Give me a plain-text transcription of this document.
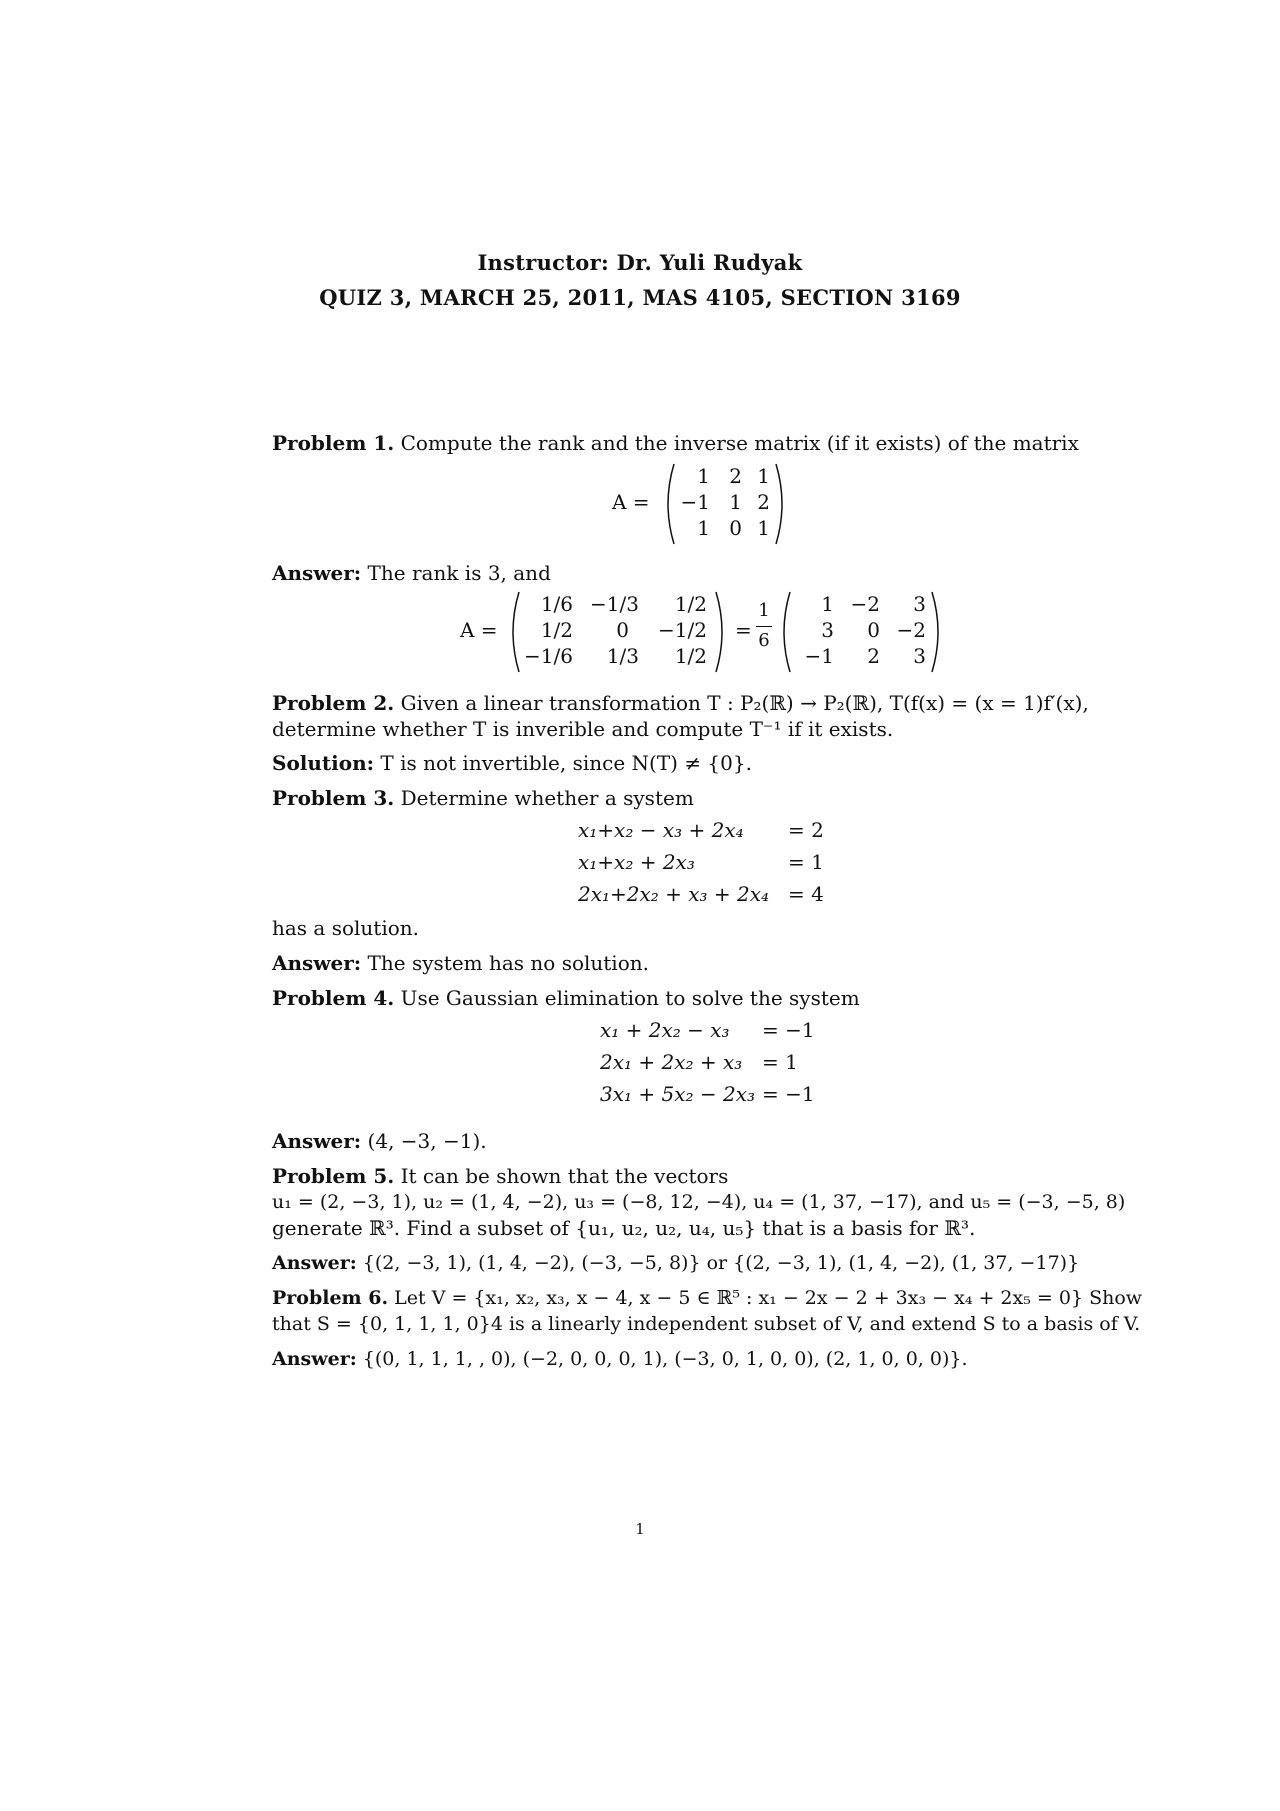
Instructor: Dr. Yuli Rudyak
QUIZ 3, MARCH 25, 2011, MAS 4105, SECTION 3169
Problem 1. Compute the rank and the inverse matrix (if it exists) of the matrix
A =
1 2 1
−1 1 2
1 0 1
Answer: The rank is 3, and
A =
1/6 −1/3	1/2
1/2	0	−1/2
−1/6	1/3	1/2
=
1
6
1 −2	3
3	0 −2
−1	2	3
Problem 2. Given a linear transformation T : P₂(ℝ) → P₂(ℝ), T(f(x) = (x = 1)f′(x),
determine whether T is inverible and compute T⁻¹ if it exists.
Solution: T is not invertible, since N(T) ≠ {0}.
Problem 3. Determine whether a system
x₁+x₂ − x₃ + 2x₄ = 2
x₁+x₂ + 2x₃	= 1
2x₁+2x₂ + x₃ + 2x₄ = 4
has a solution.
Answer: The system has no solution.
Problem 4. Use Gaussian elimination to solve the system
x₁ + 2x₂ − x₃ = −1
2x₁ + 2x₂ + x₃ = 1
3x₁ + 5x₂ − 2x₃ = −1
Answer: (4, −3, −1).
Problem 5. It can be shown that the vectors
u₁ = (2, −3, 1), u₂ = (1, 4, −2), u₃ = (−8, 12, −4), u₄ = (1, 37, −17), and u₅ = (−3, −5, 8)
generate ℝ³. Find a subset of {u₁, u₂, u₂, u₄, u₅} that is a basis for ℝ³.
Answer: {(2, −3, 1), (1, 4, −2), (−3, −5, 8)} or {(2, −3, 1), (1, 4, −2), (1, 37, −17)}
Problem 6. Let V = {x₁, x₂, x₃, x − 4, x − 5 ∈ ℝ⁵ : x₁ − 2x − 2 + 3x₃ − x₄ + 2x₅ = 0} Show
that S = {0, 1, 1, 1, 0}4 is a linearly independent subset of V, and extend S to a basis of V.
Answer: {(0, 1, 1, 1, , 0), (−2, 0, 0, 0, 1), (−3, 0, 1, 0, 0), (2, 1, 0, 0, 0)}.
1
